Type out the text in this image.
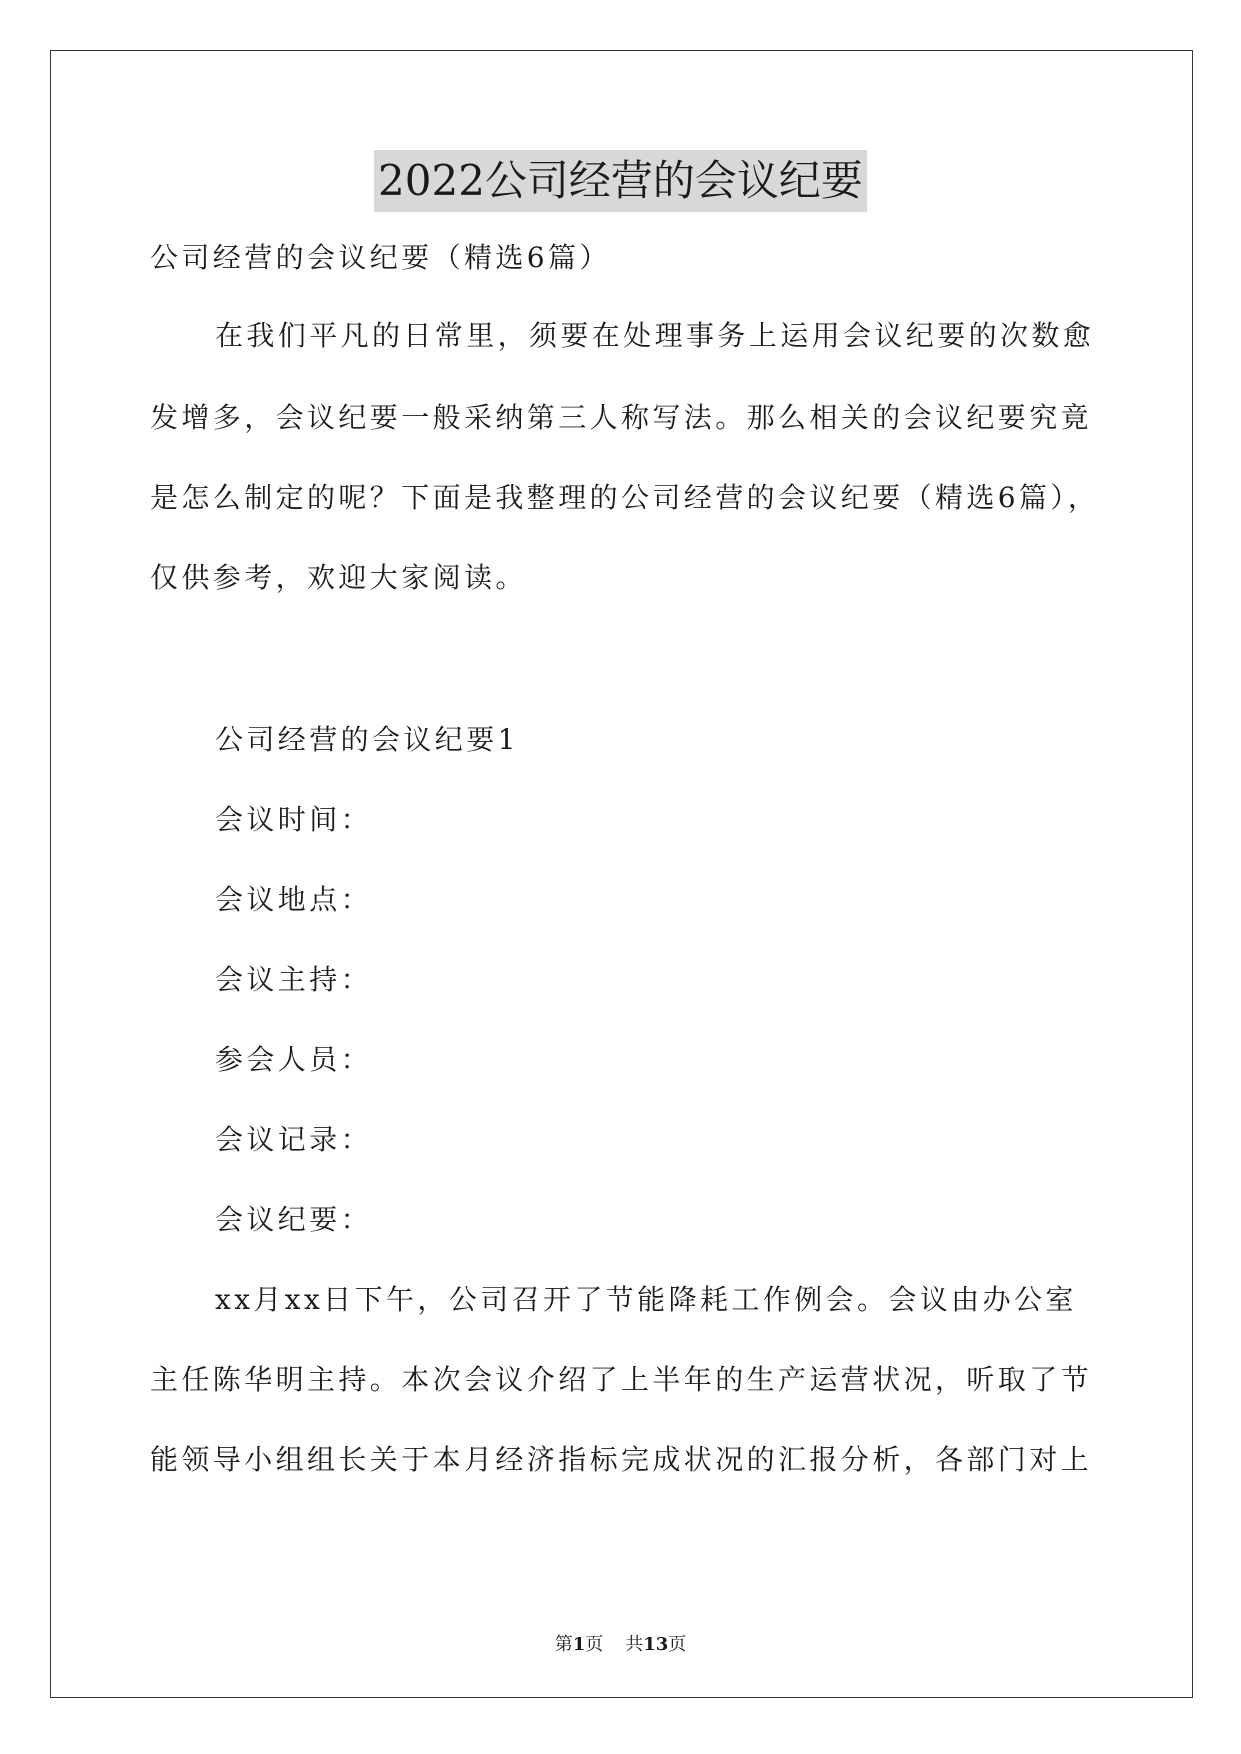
2022公司经营的会议纪要
公司经营的会议纪要（精选6篇）
在我们平凡的日常里，须要在处理事务上运用会议纪要的次数愈
发增多，会议纪要一般采纳第三人称写法。那么相关的会议纪要究竟
是怎么制定的呢？下面是我整理的公司经营的会议纪要（精选6篇），
仅供参考，欢迎大家阅读。
公司经营的会议纪要1
会议时间：
会议地点：
会议主持：
参会人员：
会议记录：
会议纪要：
xx月xx日下午，公司召开了节能降耗工作例会。会议由办公室
主任陈华明主持。本次会议介绍了上半年的生产运营状况，听取了节
能领导小组组长关于本月经济指标完成状况的汇报分析，各部门对上
第1页 共13页
